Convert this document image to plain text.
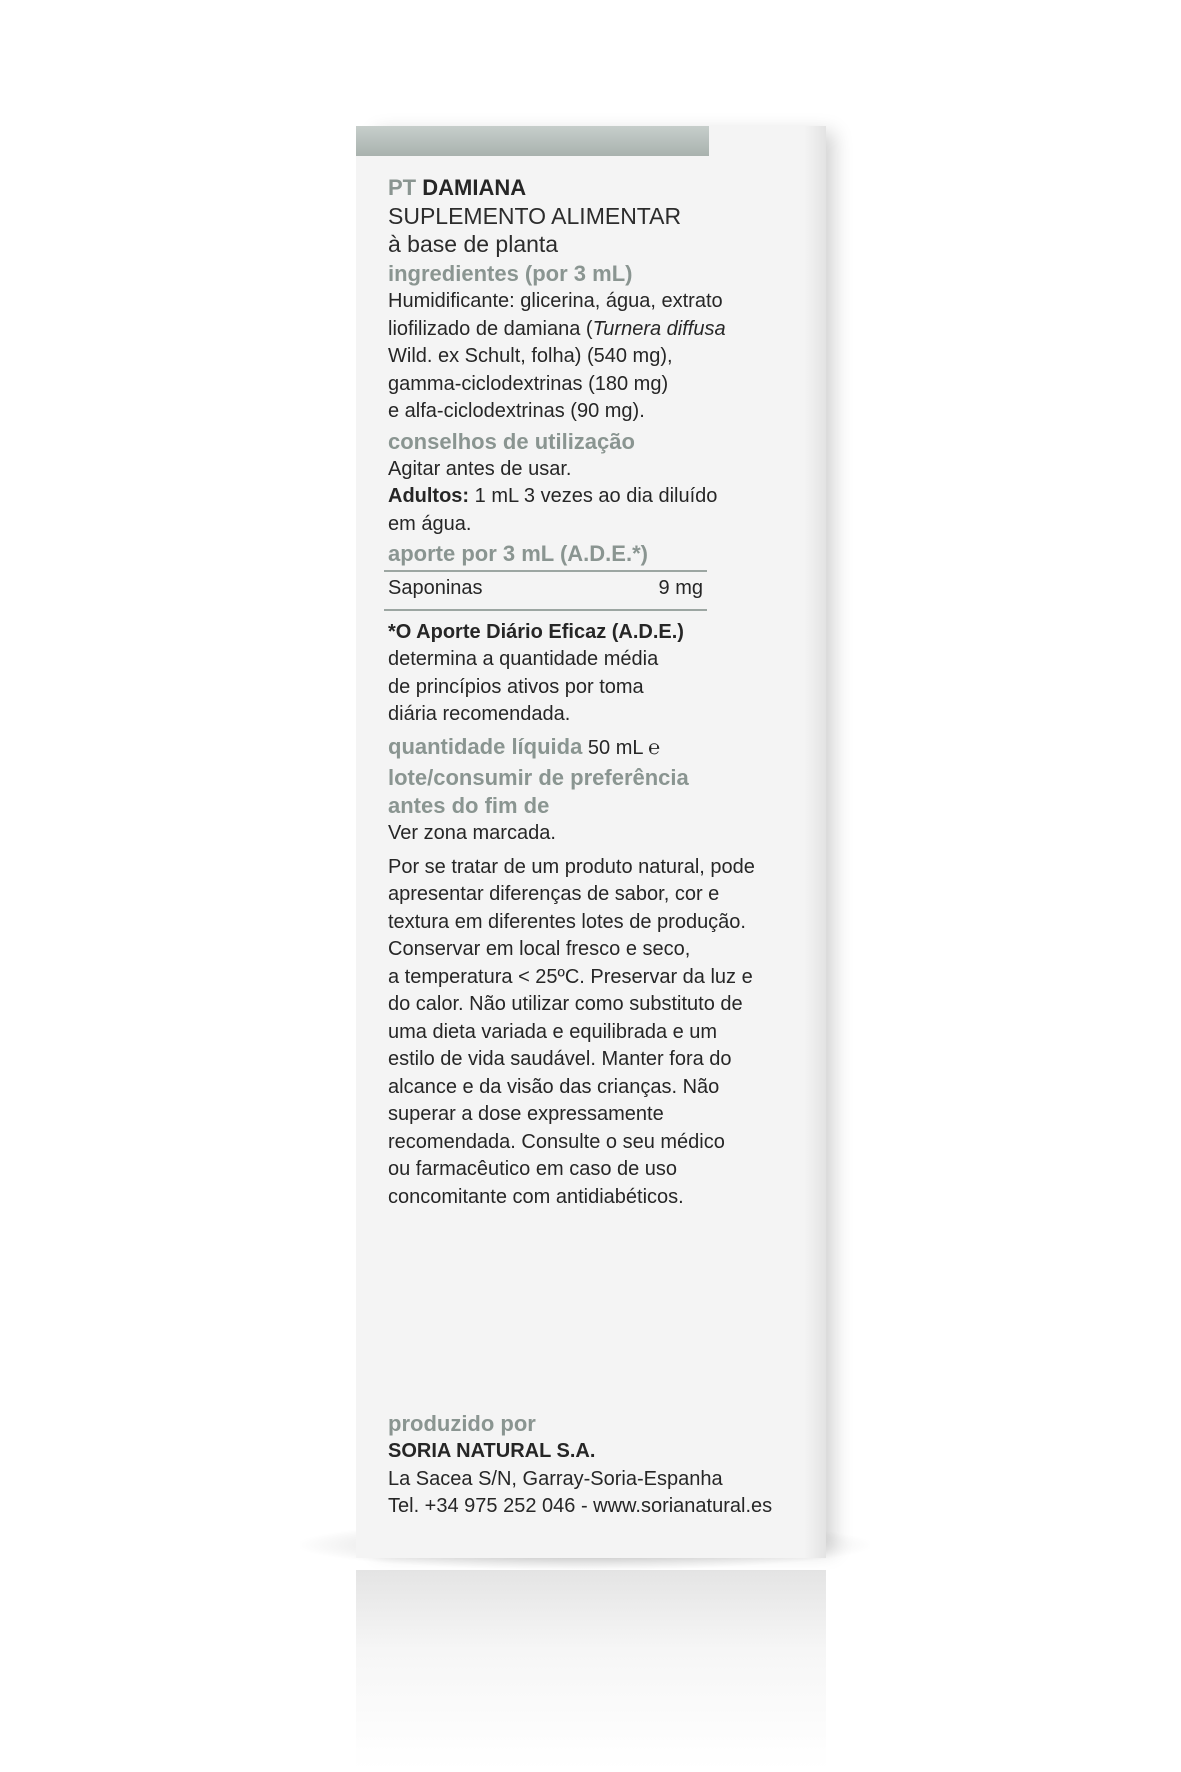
PT DAMIANA
SUPLEMENTO ALIMENTAR
à base de planta
ingredientes (por 3 mL)
Humidificante: glicerina, água, extrato
liofilizado de damiana (Turnera diffusa
Wild. ex Schult, folha) (540 mg),
gamma-ciclodextrinas (180 mg)
e alfa-ciclodextrinas (90 mg).
conselhos de utilização
Agitar antes de usar.
Adultos: 1 mL 3 vezes ao dia diluído
em água.
aporte por 3 mL (A.D.E.*)
Saponinas	9 mg
*O Aporte Diário Eficaz (A.D.E.)
determina a quantidade média
de princípios ativos por toma
diária recomendada.
quantidade líquida 50 mL ℮
lote/consumir de preferência
antes do fim de
Ver zona marcada.
Por se tratar de um produto natural, pode
apresentar diferenças de sabor, cor e
textura em diferentes lotes de produção.
Conservar em local fresco e seco,
a temperatura < 25ºC. Preservar da luz e
do calor. Não utilizar como substituto de
uma dieta variada e equilibrada e um
estilo de vida saudável. Manter fora do
alcance e da visão das crianças. Não
superar a dose expressamente
recomendada. Consulte o seu médico
ou farmacêutico em caso de uso
concomitante com antidiabéticos.
produzido por
SORIA NATURAL S.A.
La Sacea S/N, Garray-Soria-Espanha
Tel. +34 975 252 046 - www.sorianatural.es
